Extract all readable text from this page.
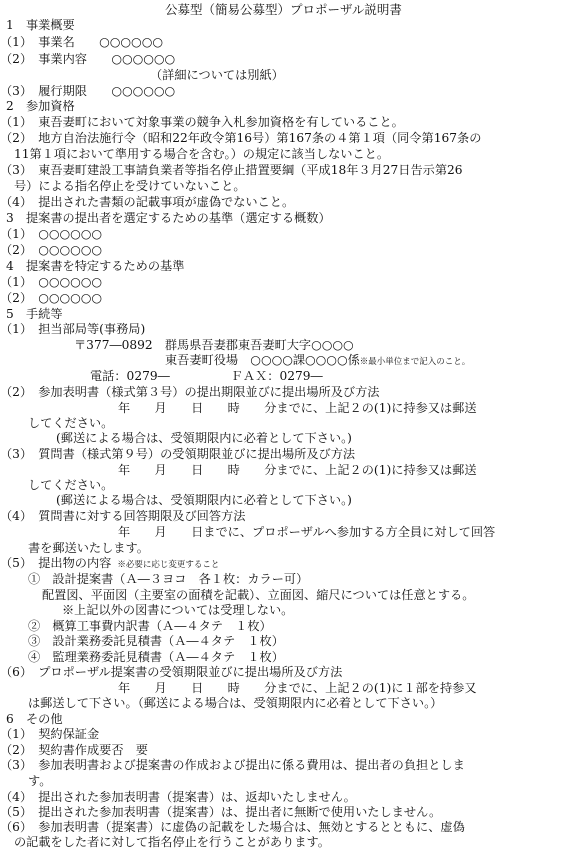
公募型（簡易公募型）プロポーザル説明書
1　事業概要
（1）　事業名　　○○○○○○
（2）　事業内容　　○○○○○○
（詳細については別紙）
（3）　履行期限　　○○○○○○
2　参加資格
（1）　東吾妻町において対象事業の競争入札参加資格を有していること。
（2）　地方自治法施行令（昭和22年政令第16号）第167条の４第１項（同令第167条の
11第１項において準用する場合を含む。）の規定に該当しないこと。
（3）　東吾妻町建設工事請負業者等指名停止措置要綱（平成18年３月27日告示第26
号）による指名停止を受けていないこと。
（4）　提出された書類の記載事項が虚偽でないこと。
3　提案書の提出者を選定するための基準（選定する概数）
（1）　○○○○○○
（2）　○○○○○○
4　提案書を特定するための基準
（1）　○○○○○○
（2）　○○○○○○
5　手続等
（1）　担当部局等(事務局)
〒377―0892　群馬県吾妻郡東吾妻町大字○○○○
東吾妻町役場　○○○○課○○○○係※最小単位まで記入のこと。
電話：0279―　　　　　ＦＡＸ：0279―
（2）　参加表明書（様式第３号）の提出期限並びに提出場所及び方法
年　　月　　日　　時　　分までに、上記２の(1)に持参又は郵送
してください。
(郵送による場合は、受領期限内に必着として下さい。)
（3）　質問書（様式第９号）の受領期限並びに提出場所及び方法
年　　月　　日　　時　　分までに、上記２の(1)に持参又は郵送
してください。
(郵送による場合は、受領期限内に必着として下さい。)
（4）　質問書に対する回答期限及び回答方法
年　　月　　日までに、プロポーザルへ参加する方全員に対して回答
書を郵送いたします。
（5）　提出物の内容 ※必要に応じ変更すること
①　設計提案書（Ａ―３ヨコ　各１枚：カラー可）
配置図、平面図（主要室の面積を記載）、立面図、縮尺については任意とする。
※上記以外の図書については受理しない。
②　概算工事費内訳書（Ａ―４タテ　１枚）
③　設計業務委託見積書（Ａ―４タテ　１枚）
④　監理業務委託見積書（Ａ―４タテ　１枚）
（6）　プロポーザル提案書の受領期限並びに提出場所及び方法
年　　月　　日　　時　　分までに、上記２の(1)に１部を持参又
は郵送して下さい。（郵送による場合は、受領期限内に必着として下さい。）
6　その他
（1）　契約保証金
（2）　契約書作成要否　要
（3）　参加表明書および提案書の作成および提出に係る費用は、提出者の負担としま
す。
（4）　提出された参加表明書（提案書）は、返却いたしません。
（5）　提出された参加表明書（提案書）は、提出者に無断で使用いたしません。
（6）　参加表明書（提案書）に虚偽の記載をした場合は、無効とするとともに、虚偽
の記載をした者に対して指名停止を行うことがあります。
